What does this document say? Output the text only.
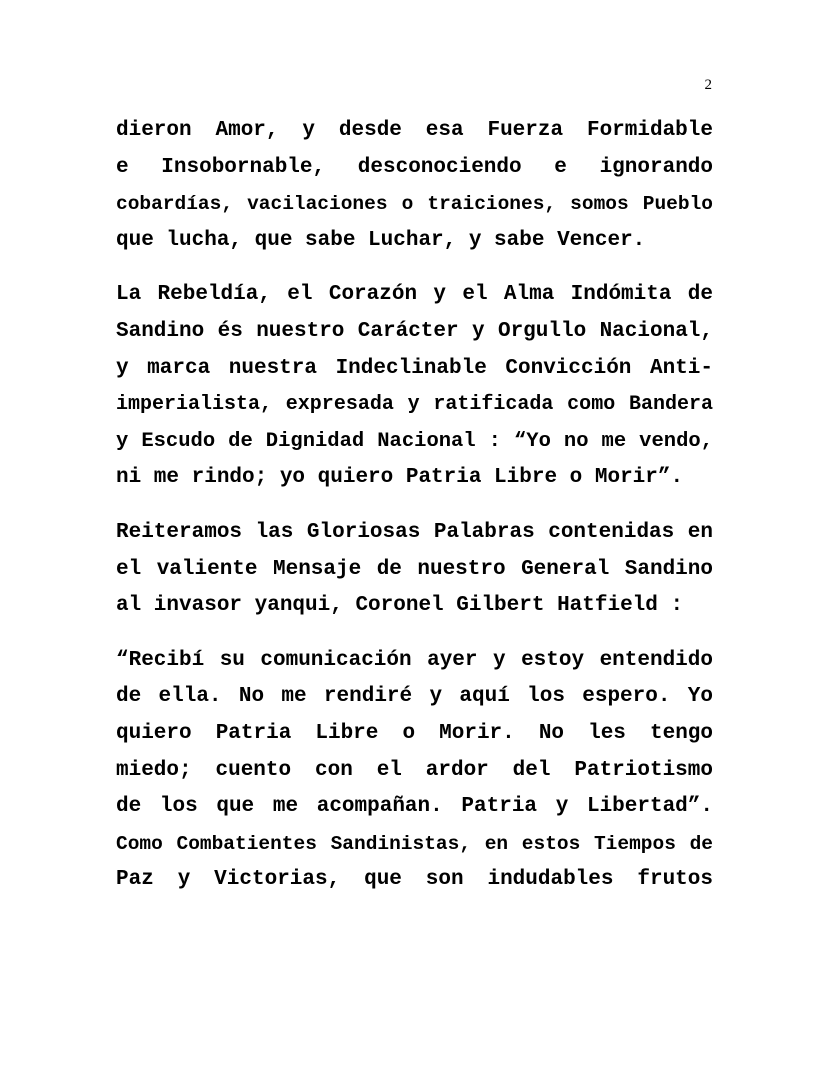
2
dieron Amor, y desde esa Fuerza Formidable
e Insobornable, desconociendo e ignorando
cobardías, vacilaciones o traiciones, somos Pueblo
que lucha, que sabe Luchar, y sabe Vencer.
La Rebeldía, el Corazón y el Alma Indómita de
Sandino és nuestro Carácter y Orgullo Nacional,
y marca nuestra Indeclinable Convicción Anti-
imperialista, expresada y ratificada como Bandera
y Escudo de Dignidad Nacional : “Yo no me vendo,
ni me rindo; yo quiero Patria Libre o Morir”.
Reiteramos las Gloriosas Palabras contenidas en
el valiente Mensaje de nuestro General Sandino
al invasor yanqui, Coronel Gilbert Hatfield :
“Recibí su comunicación ayer y estoy entendido
de ella. No me rendiré y aquí los espero. Yo
quiero Patria Libre o Morir. No les tengo
miedo; cuento con el ardor del Patriotismo
de los que me acompañan. Patria y Libertad”.
Como Combatientes Sandinistas, en estos Tiempos de
Paz y Victorias, que son indudables frutos
